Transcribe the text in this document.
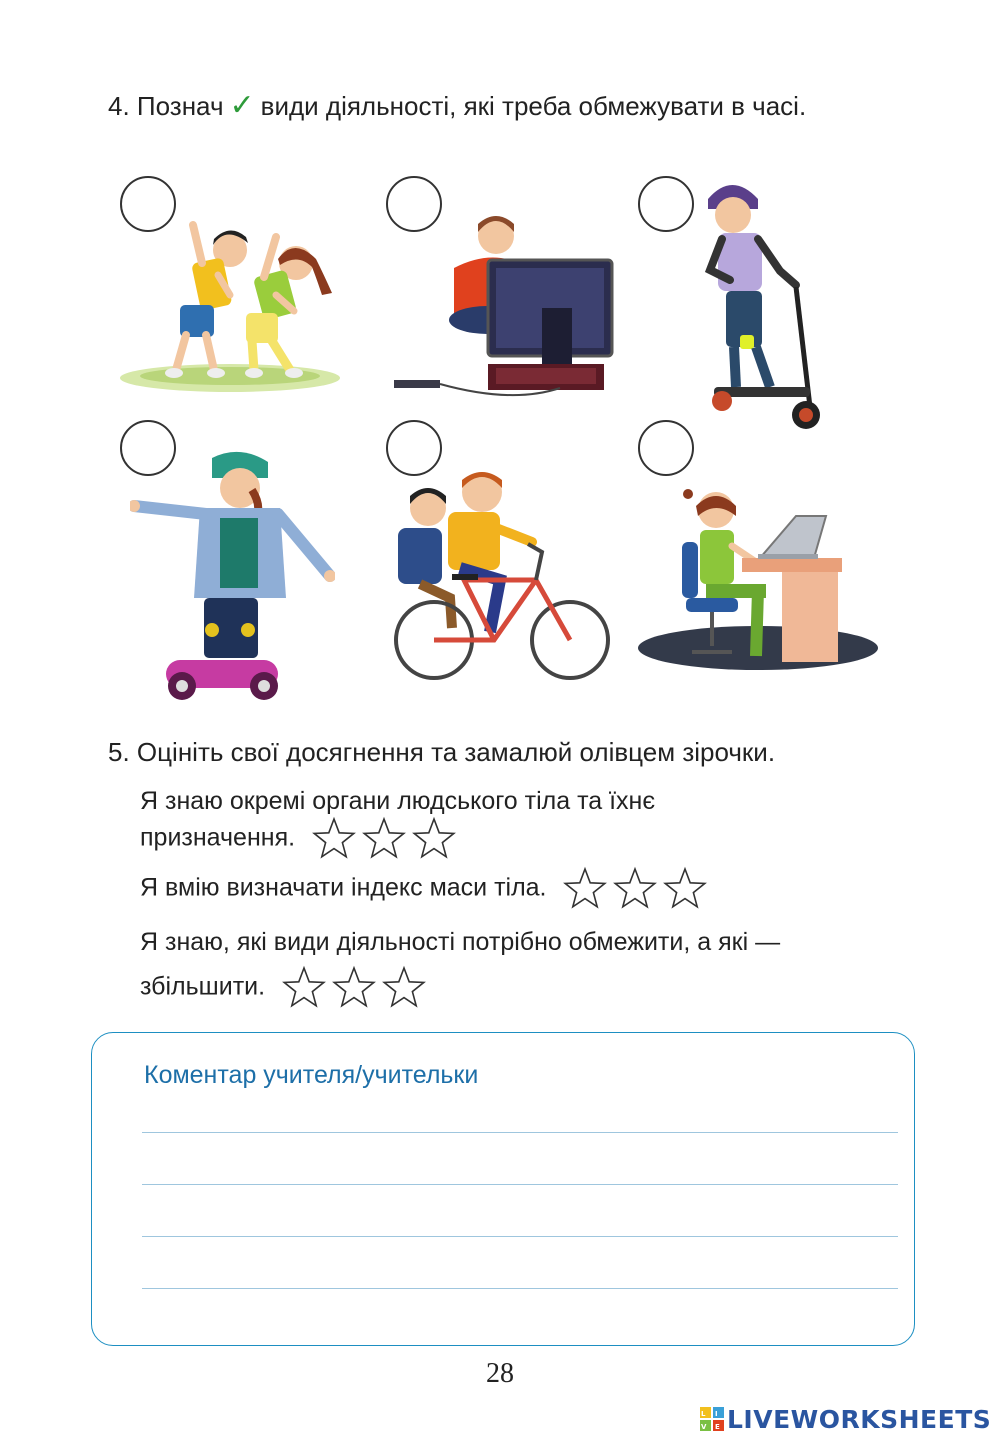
4. Познач ✓ види діяльності, які треба обмежувати в часі.
5. Оцініть свої досягнення та замалюй олівцем зірочки.
Я знаю окремі органи людського тіла та їхнє
призначення.
Я вмію визначати індекс маси тіла.
Я знаю, які види діяльності потрібно обмежити, а які —
збільшити.
Коментар учителя/учительки
28
L I
V E LIVEWORKSHEETS
